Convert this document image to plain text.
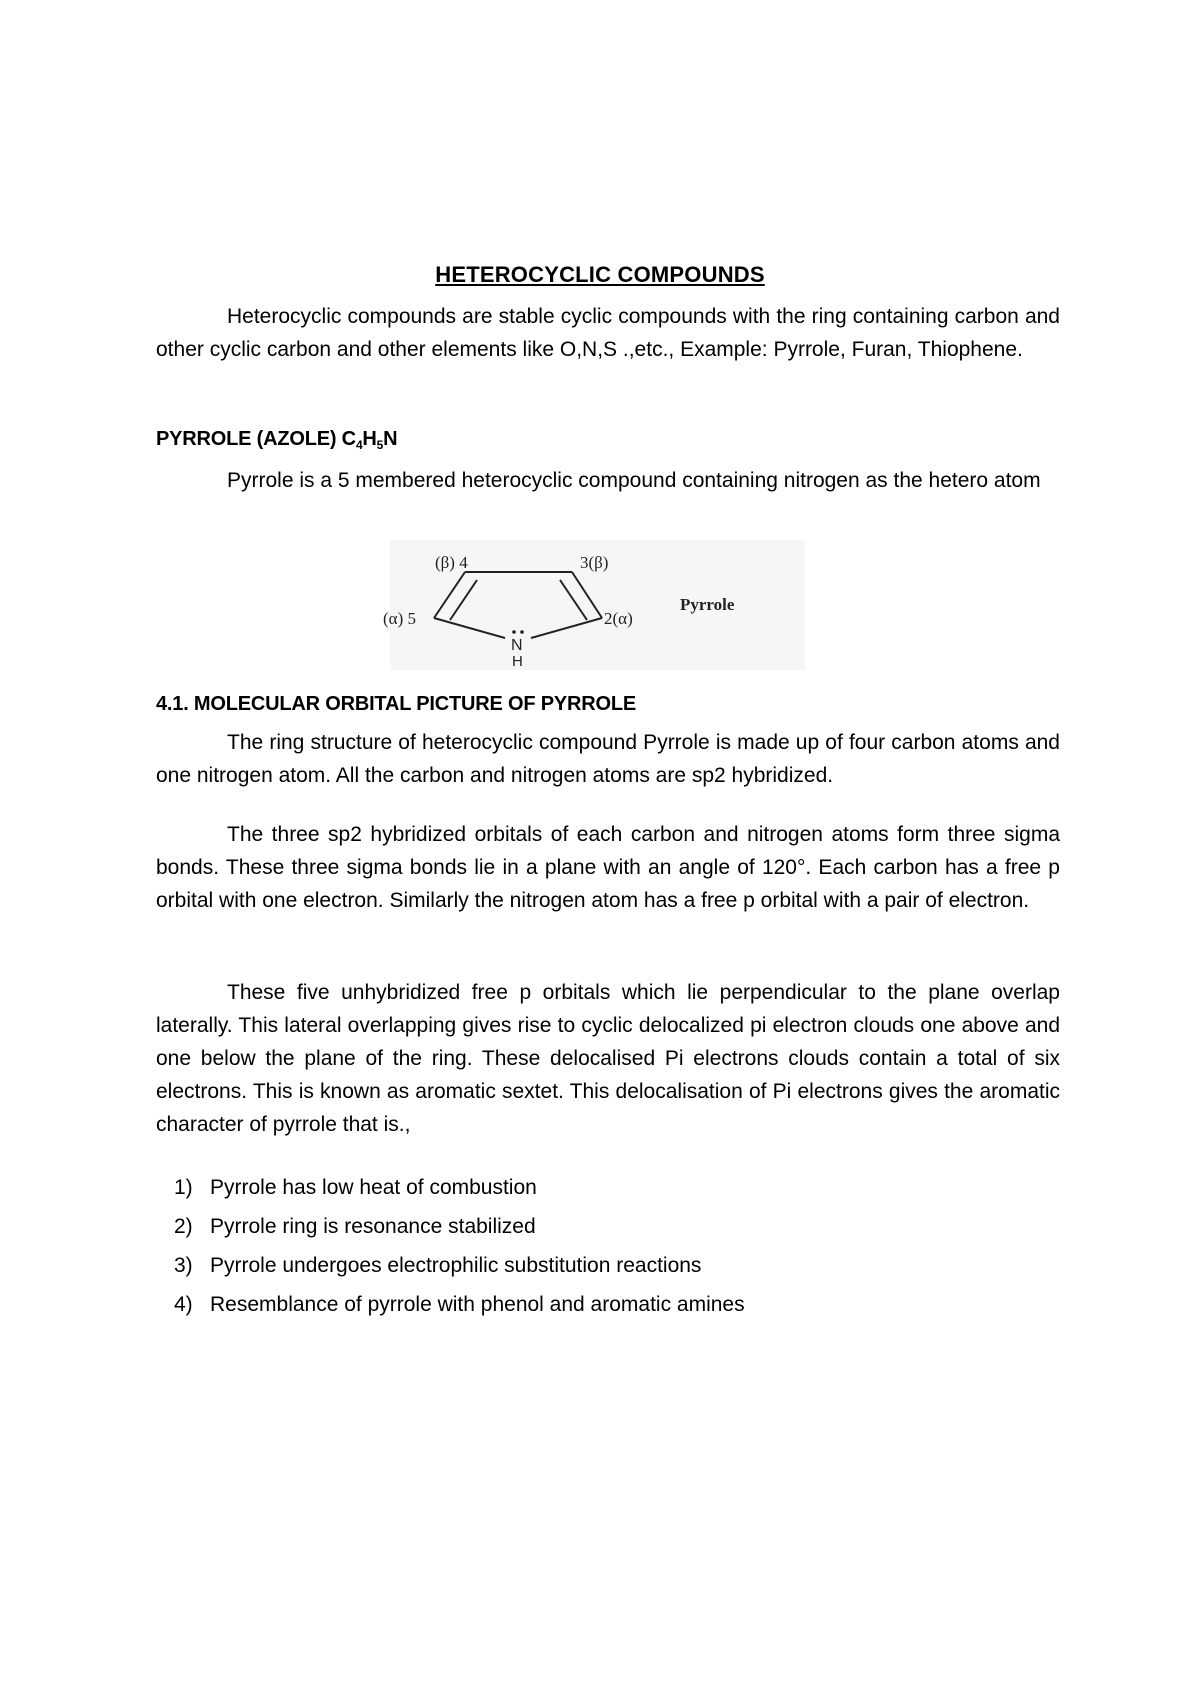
HETEROCYCLIC COMPOUNDS

Heterocyclic compounds are stable cyclic compounds with the ring containing carbon and other cyclic carbon and other elements like O,N,S .,etc., Example: Pyrrole, Furan, Thiophene.

PYRROLE (AZOLE) $C_4H_5N$

Pyrrole is a 5 membered heterocyclic compound containing nitrogen as the hetero atom

(β) 4	3(β)
(α) 5	2(α)
N
H
Pyrrole
4.1. MOLECULAR ORBITAL PICTURE OF PYRROLE

The ring structure of heterocyclic compound Pyrrole is made up of four carbon atoms and one nitrogen atom. All the carbon and nitrogen atoms are sp2 hybridized.

The three sp2 hybridized orbitals of each carbon and nitrogen atoms form three sigma bonds. These three sigma bonds lie in a plane with an angle of 120°. Each carbon has a free p orbital with one electron. Similarly the nitrogen atom has a free p orbital with a pair of electron.

These five unhybridized free p orbitals which lie perpendicular to the plane overlap laterally. This lateral overlapping gives rise to cyclic delocalized pi electron clouds one above and one below the plane of the ring. These delocalised Pi electrons clouds contain a total of six electrons. This is known as aromatic sextet. This delocalisation of Pi electrons gives the aromatic character of pyrrole that is.,

1) Pyrrole has low heat of combustion
2) Pyrrole ring is resonance stabilized
3) Pyrrole undergoes electrophilic substitution reactions
4) Resemblance of pyrrole with phenol and aromatic amines
